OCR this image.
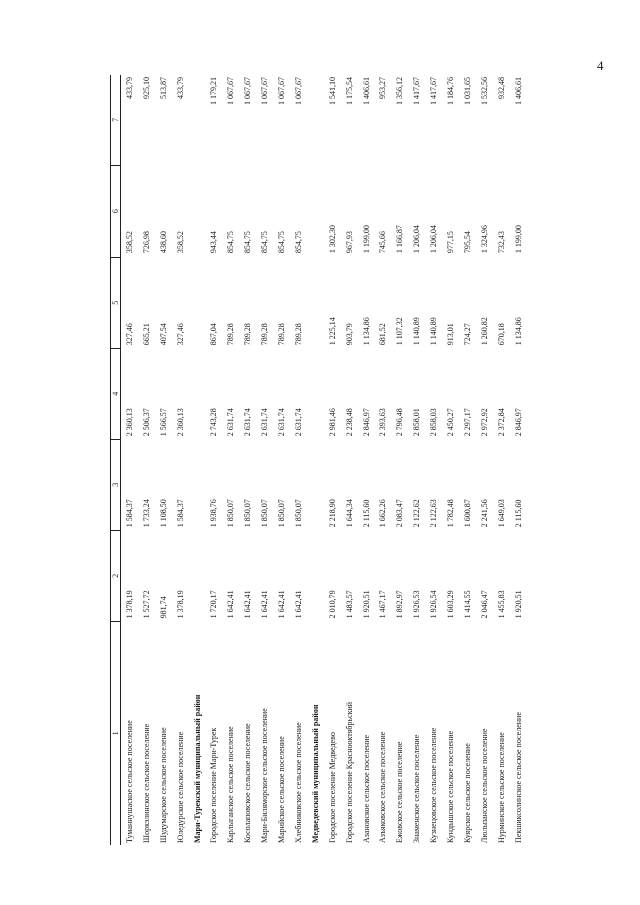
4
1	2	3	4	5	6	7
Туманнушаское сельское поселение	1 378,19	1 584,37	2 360,13	327,46	358,52	433,79
Шоркэлинское сельское поселение	1 527,72	1 733,24	2 506,37	665,21	726,98	925,10
Шудумарское сельское поселение	981,74	1 108,50	1 566,57	407,54	438,60	513,87
Юледурское сельское поселение	1 378,19	1 584,37	2 360,13	327,46	358,52	433,79
Мари-Турекский муниципальный район						
Городское поселение Мари-Турек	1 720,17	1 938,76	2 743,28	867,04	943,44	1 179,21
Карлыганское сельское поселение	1 642,41	1 850,07	2 631,74	789,28	854,75	1 067,67
Косолаповское сельское поселение	1 642,41	1 850,07	2 631,74	789,28	854,75	1 067,67
Мари-Биляморское сельское поселение	1 642,41	1 850,07	2 631,74	789,28	854,75	1 067,67
Марийское сельское поселение	1 642,41	1 850,07	2 631,74	789,28	854,75	1 067,67
Хлебниковское сельское поселение	1 642,41	1 850,07	2 631,74	789,28	854,75	1 067,67
Медведевский муниципальный район						
Городское поселение Медведево	2 010,79	2 218,90	2 981,46	1 225,14	1 302,30	1 541,10
Городское поселение Краснооктябрьский	1 483,57	1 644,34	2 238,48	903,79	967,93	1 175,54
Азановское сельское поселение	1 920,51	2 115,60	2 846,97	1 134,86	1 199,00	1 406,61
Азъяковское сельское поселение	1 467,17	1 662,26	2 393,63	681,52	745,66	953,27
Ежовское сельское поселение	1 892,97	2 083,47	2 796,48	1 107,32	1 166,87	1 356,12
Знаменское сельское поселение	1 926,53	2 122,62	2 858,01	1 140,89	1 206,04	1 417,67
Кузнецовское сельское поселение	1 926,54	2 122,63	2 858,03	1 140,89	1 206,04	1 417,67
Кундышское сельское поселение	1 603,29	1 782,48	2 450,27	913,01	977,15	1 184,76
Куярское сельское поселение	1 414,55	1 600,87	2 297,17	724,27	795,54	1 031,65
Люльпанское сельское поселение	2 046,47	2 241,56	2 972,92	1 260,82	1 324,96	1 532,56
Нурминское сельское поселение	1 455,83	1 649,03	2 372,84	670,18	732,43	932,48
Пекшиксолинское сельское поселение	1 920,51	2 115,60	2 846,97	1 134,86	1 199,00	1 406,61
